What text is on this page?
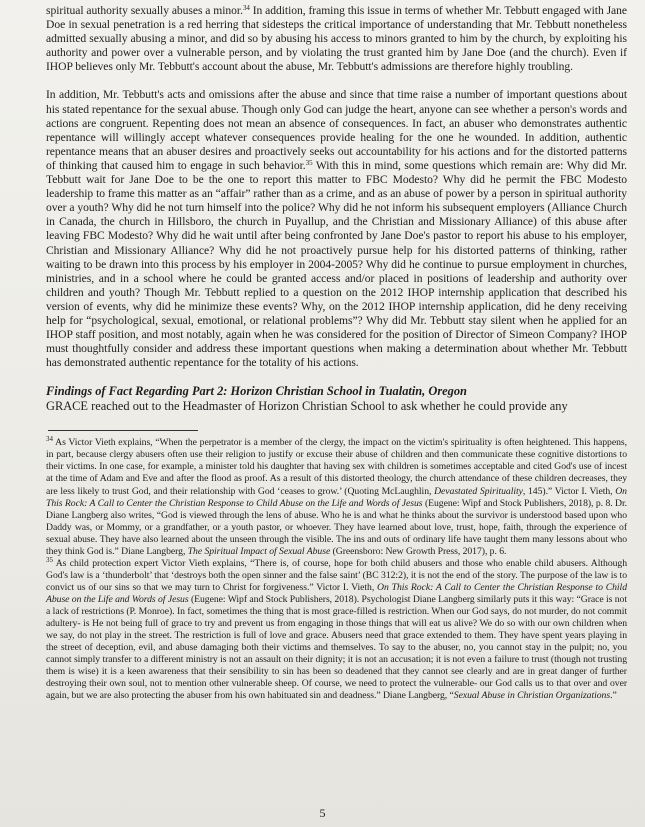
spiritual authority sexually abuses a minor.$^{34}$ In addition, framing this issue in terms of whether Mr. Tebbutt engaged with Jane Doe in sexual penetration is a red herring that sidesteps the critical importance of understanding that Mr. Tebbutt nonetheless admitted sexually abusing a minor, and did so by abusing his access to minors granted to him by the church, by exploiting his authority and power over a vulnerable person, and by violating the trust granted him by Jane Doe (and the church). Even if IHOP believes only Mr. Tebbutt's account about the abuse, Mr. Tebbutt's admissions are therefore highly troubling.

In addition, Mr. Tebbutt's acts and omissions after the abuse and since that time raise a number of important questions about his stated repentance for the sexual abuse. Though only God can judge the heart, anyone can see whether a person's words and actions are congruent. Repenting does not mean an absence of consequences. In fact, an abuser who demonstrates authentic repentance will willingly accept whatever consequences provide healing for the one he wounded. In addition, authentic repentance means that an abuser desires and proactively seeks out accountability for his actions and for the distorted patterns of thinking that caused him to engage in such behavior.$^{35}$ With this in mind, some questions which remain are: Why did Mr. Tebbutt wait for Jane Doe to be the one to report this matter to FBC Modesto? Why did he permit the FBC Modesto leadership to frame this matter as an “affair” rather than as a crime, and as an abuse of power by a person in spiritual authority over a youth? Why did he not turn himself into the police? Why did he not inform his subsequent employers (Alliance Church in Canada, the church in Hillsboro, the church in Puyallup, and the Christian and Missionary Alliance) of this abuse after leaving FBC Modesto? Why did he wait until after being confronted by Jane Doe's pastor to report his abuse to his employer, Christian and Missionary Alliance? Why did he not proactively pursue help for his distorted patterns of thinking, rather waiting to be drawn into this process by his employer in 2004-2005? Why did he continue to pursue employment in churches, ministries, and in a school where he could be granted access and/or placed in positions of leadership and authority over children and youth? Though Mr. Tebbutt replied to a question on the 2012 IHOP internship application that described his version of events, why did he minimize these events? Why, on the 2012 IHOP internship application, did he deny receiving help for “psychological, sexual, emotional, or relational problems”? Why did Mr. Tebbutt stay silent when he applied for an IHOP staff position, and most notably, again when he was considered for the position of Director of Simeon Company? IHOP must thoughtfully consider and address these important questions when making a determination about whether Mr. Tebbutt has demonstrated authentic repentance for the totality of his actions.

Findings of Fact Regarding Part 2: Horizon Christian School in Tualatin, Oregon
GRACE reached out to the Headmaster of Horizon Christian School to ask whether he could provide any

$^{34}$ As Victor Vieth explains, “When the perpetrator is a member of the clergy, the impact on the victim's spirituality is often heightened. This happens, in part, because clergy abusers often use their religion to justify or excuse their abuse of children and then communicate these cognitive distortions to their victims. In one case, for example, a minister told his daughter that having sex with children is sometimes acceptable and cited God's use of incest at the time of Adam and Eve and after the flood as proof. As a result of this distorted theology, the church attendance of these children decreases, they are less likely to trust God, and their relationship with God ‘ceases to grow.’ (Quoting McLaughlin, Devastated Spirituality, 145).” Victor I. Vieth, On This Rock: A Call to Center the Christian Response to Child Abuse on the Life and Words of Jesus (Eugene: Wipf and Stock Publishers, 2018), p. 8. Dr. Diane Langberg also writes, “God is viewed through the lens of abuse. Who he is and what he thinks about the survivor is understood based upon who Daddy was, or Mommy, or a grandfather, or a youth pastor, or whoever. They have learned about love, trust, hope, faith, through the experience of sexual abuse. They have also learned about the unseen through the visible. The ins and outs of ordinary life have taught them many lessons about who they think God is.” Diane Langberg, The Spiritual Impact of Sexual Abuse (Greensboro: New Growth Press, 2017), p. 6.

$^{35}$ As child protection expert Victor Vieth explains, “There is, of course, hope for both child abusers and those who enable child abusers. Although God's law is a ‘thunderbolt’ that ‘destroys both the open sinner and the false saint’ (BC 312:2), it is not the end of the story. The purpose of the law is to convict us of our sins so that we may turn to Christ for forgiveness.” Victor I. Vieth, On This Rock: A Call to Center the Christian Response to Child Abuse on the Life and Words of Jesus (Eugene: Wipf and Stock Publishers, 2018). Psychologist Diane Langberg similarly puts it this way: “Grace is not a lack of restrictions (P. Monroe). In fact, sometimes the thing that is most grace-filled is restriction. When our God says, do not murder, do not commit adultery- is He not being full of grace to try and prevent us from engaging in those things that will eat us alive? We do so with our own children when we say, do not play in the street. The restriction is full of love and grace. Abusers need that grace extended to them. They have spent years playing in the street of deception, evil, and abuse damaging both their victims and themselves. To say to the abuser, no, you cannot stay in the pulpit; no, you cannot simply transfer to a different ministry is not an assault on their dignity; it is not an accusation; it is not even a failure to trust (though not trusting them is wise) it is a keen awareness that their sensibility to sin has been so deadened that they cannot see clearly and are in great danger of further destroying their own soul, not to mention other vulnerable sheep. Of course, we need to protect the vulnerable- our God calls us to that over and over again, but we are also protecting the abuser from his own habituated sin and deadness.” Diane Langberg, “Sexual Abuse in Christian Organizations.”

5
